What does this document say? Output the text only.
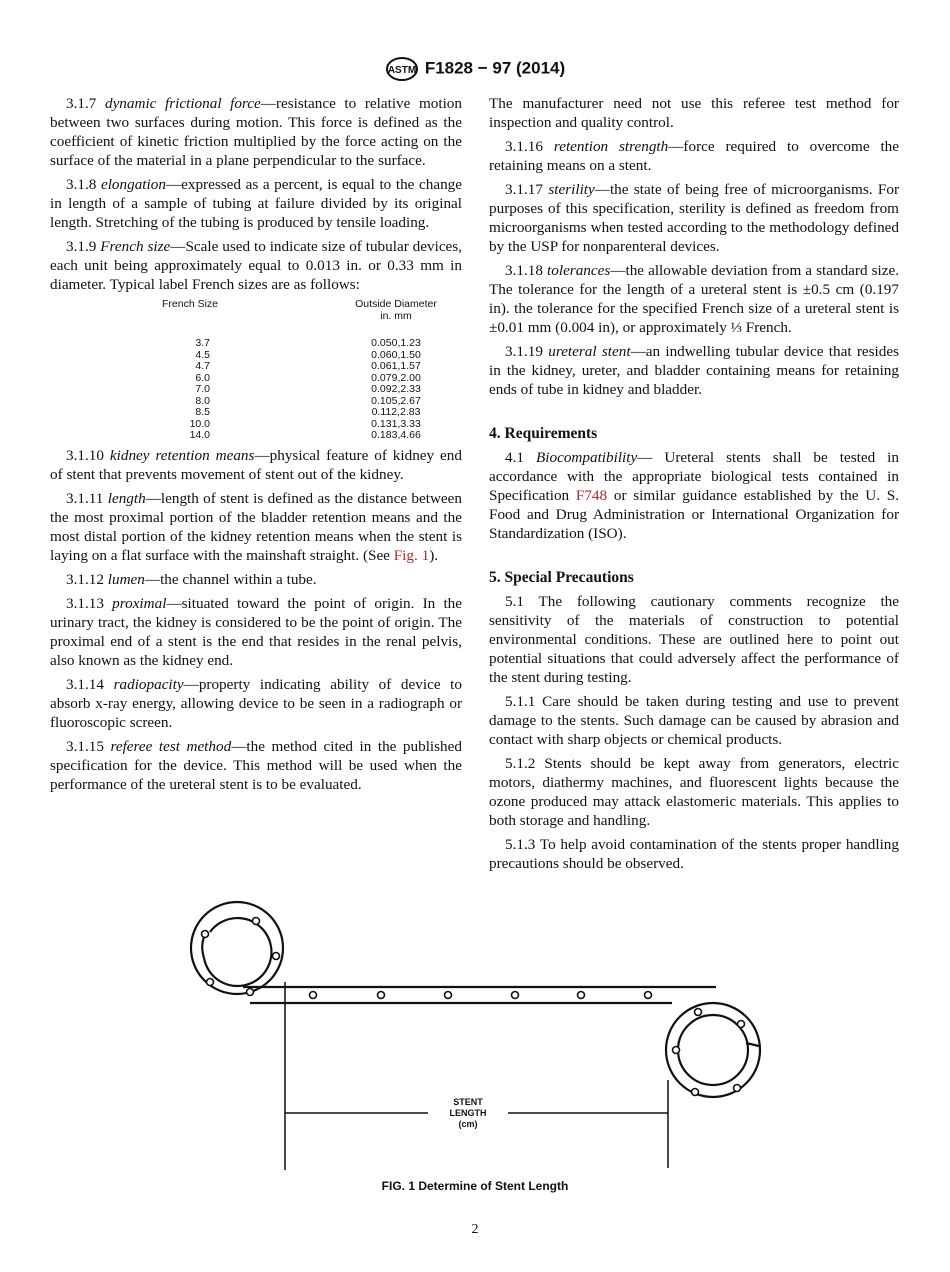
ASTM F1828 − 97 (2014)

3.1.7 dynamic frictional force—resistance to relative motion between two surfaces during motion. This force is defined as the coefficient of kinetic friction multiplied by the force acting on the surface of the material in a plane perpendicular to the surface.

3.1.8 elongation—expressed as a percent, is equal to the change in length of a sample of tubing at failure divided by its original length. Stretching of the tubing is produced by tensile loading.

3.1.9 French size—Scale used to indicate size of tubular devices, each unit being approximately equal to 0.013 in. or 0.33 mm in diameter. Typical label French sizes are as follows:

French Size	Outside Diameter
	in. mm

3.7	0.050,1.23
4.5	0.060,1.50
4.7	0.061,1.57
6.0	0.079,2.00
7.0	0.092,2.33
8.0	0.105,2.67
8.5	0.112,2.83
10.0	0.131,3.33
14.0	0.183,4.66

3.1.10 kidney retention means—physical feature of kidney end of stent that prevents movement of stent out of the kidney.

3.1.11 length—length of stent is defined as the distance between the most proximal portion of the bladder retention means and the most distal portion of the kidney retention means when the stent is laying on a flat surface with the mainshaft straight. (See Fig. 1).

3.1.12 lumen—the channel within a tube.

3.1.13 proximal—situated toward the point of origin. In the urinary tract, the kidney is considered to be the point of origin. The proximal end of a stent is the end that resides in the renal pelvis, also known as the kidney end.

3.1.14 radiopacity—property indicating ability of device to absorb x-ray energy, allowing device to be seen in a radiograph or fluoroscopic screen.

3.1.15 referee test method—the method cited in the published specification for the device. This method will be used when the performance of the ureteral stent is to be evaluated.

The manufacturer need not use this referee test method for inspection and quality control.

3.1.16 retention strength—force required to overcome the retaining means on a stent.

3.1.17 sterility—the state of being free of microorganisms. For purposes of this specification, sterility is defined as freedom from microorganisms when tested according to the methodology defined by the USP for nonparenteral devices.

3.1.18 tolerances—the allowable deviation from a standard size. The tolerance for the length of a ureteral stent is ±0.5 cm (0.197 in). the tolerance for the specified French size of a ureteral stent is ±0.01 mm (0.004 in), or approximately ⅓ French.

3.1.19 ureteral stent—an indwelling tubular device that resides in the kidney, ureter, and bladder containing means for retaining ends of tube in kidney and bladder.

4. Requirements

4.1 Biocompatibility— Ureteral stents shall be tested in accordance with the appropriate biological tests contained in Specification F748 or similar guidance established by the U. S. Food and Drug Administration or International Organization for Standardization (ISO).

5. Special Precautions

5.1 The following cautionary comments recognize the sensitivity of the materials of construction to potential environmental conditions. These are outlined here to point out potential situations that could adversely affect the performance of the stent during testing.

5.1.1 Care should be taken during testing and use to prevent damage to the stents. Such damage can be caused by abrasion and contact with sharp objects or chemical products.

5.1.2 Stents should be kept away from generators, electric motors, diathermy machines, and fluorescent lights because the ozone produced may attack elastomeric materials. This applies to both storage and handling.

5.1.3 To help avoid contamination of the stents proper handling precautions should be observed.

STENT
LENGTH
(cm)
FIG. 1 Determine of Stent Length
2
